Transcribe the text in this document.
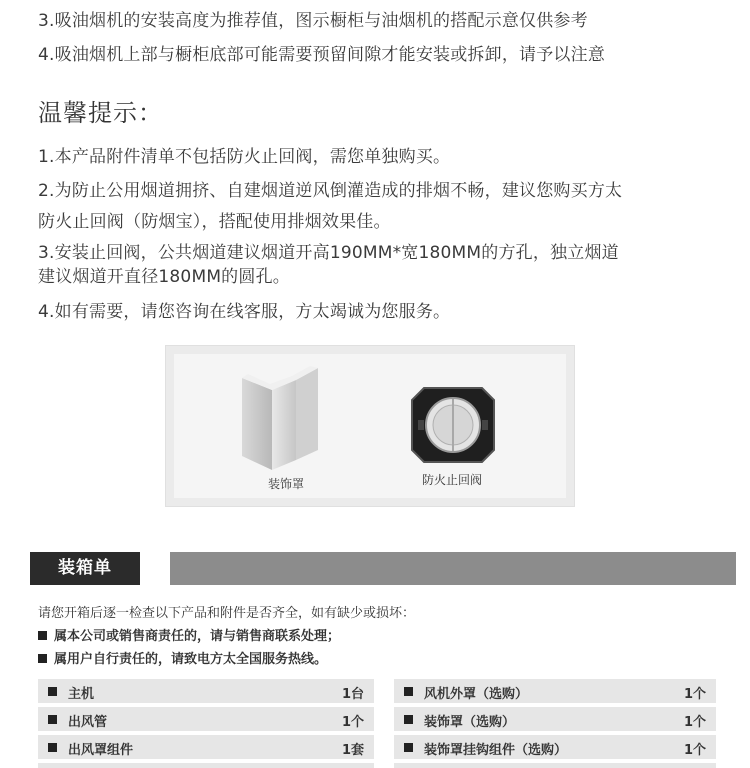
3.吸油烟机的安装高度为推荐值，图示橱柜与油烟机的搭配示意仅供参考
4.吸油烟机上部与橱柜底部可能需要预留间隙才能安装或拆卸，请予以注意
温馨提示：
1.本产品附件清单不包括防火止回阀，需您单独购买。
2.为防止公用烟道拥挤、自建烟道逆风倒灌造成的排烟不畅，建议您购买方太
防火止回阀（防烟宝），搭配使用排烟效果佳。
3.安装止回阀，公共烟道建议烟道开高190MM*宽180MM的方孔，独立烟道
建议烟道开直径180MM的圆孔。
4.如有需要，请您咨询在线客服，方太竭诚为您服务。
装饰罩	防火止回阀
装箱单
请您开箱后逐一检查以下产品和附件是否齐全，如有缺少或损坏：
属本公司或销售商责任的，请与销售商联系处理；
属用户自行责任的，请致电方太全国服务热线。
主机	1台
出风管	1个
出风罩组件	1套
风机外罩（选购）	1个
装饰罩（选购）	1个
装饰罩挂钩组件（选购）	1个
